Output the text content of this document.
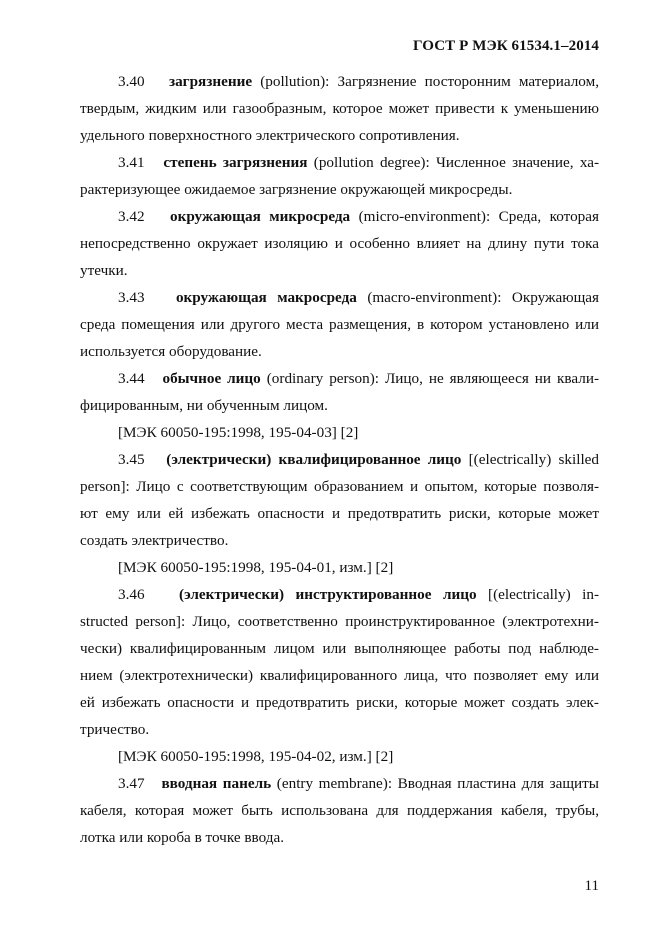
ГОСТ Р МЭК 61534.1–2014
3.40 загрязнение (pollution): Загрязнение посторонним материалом,
твердым, жидким или газообразным, которое может привести к уменьшению
удельного поверхностного электрического сопротивления.
3.41 степень загрязнения (pollution degree): Численное значение, ха-
рактеризующее ожидаемое загрязнение окружающей микросреды.
3.42 окружающая микросреда (micro-environment): Среда, которая
непосредственно окружает изоляцию и особенно влияет на длину пути тока
утечки.
3.43 окружающая макросреда (macro-environment): Окружающая
среда помещения или другого места размещения, в котором установлено или
используется оборудование.
3.44 обычное лицо (ordinary person): Лицо, не являющееся ни квали-
фицированным, ни обученным лицом.
[МЭК 60050-195:1998, 195-04-03] [2]
3.45 (электрически) квалифицированное лицо [(electrically) skilled
person]: Лицо с соответствующим образованием и опытом, которые позволя-
ют ему или ей избежать опасности и предотвратить риски, которые может
создать электричество.
[МЭК 60050-195:1998, 195-04-01, изм.] [2]
3.46 (электрически) инструктированное лицо [(electrically) in-
structed person]: Лицо, соответственно проинструктированное (электротехни-
чески) квалифицированным лицом или выполняющее работы под наблюде-
нием (электротехнически) квалифицированного лица, что позволяет ему или
ей избежать опасности и предотвратить риски, которые может создать элек-
тричество.
[МЭК 60050-195:1998, 195-04-02, изм.] [2]
3.47 вводная панель (entry membrane): Вводная пластина для защиты
кабеля, которая может быть использована для поддержания кабеля, трубы,
лотка или короба в точке ввода.
11
